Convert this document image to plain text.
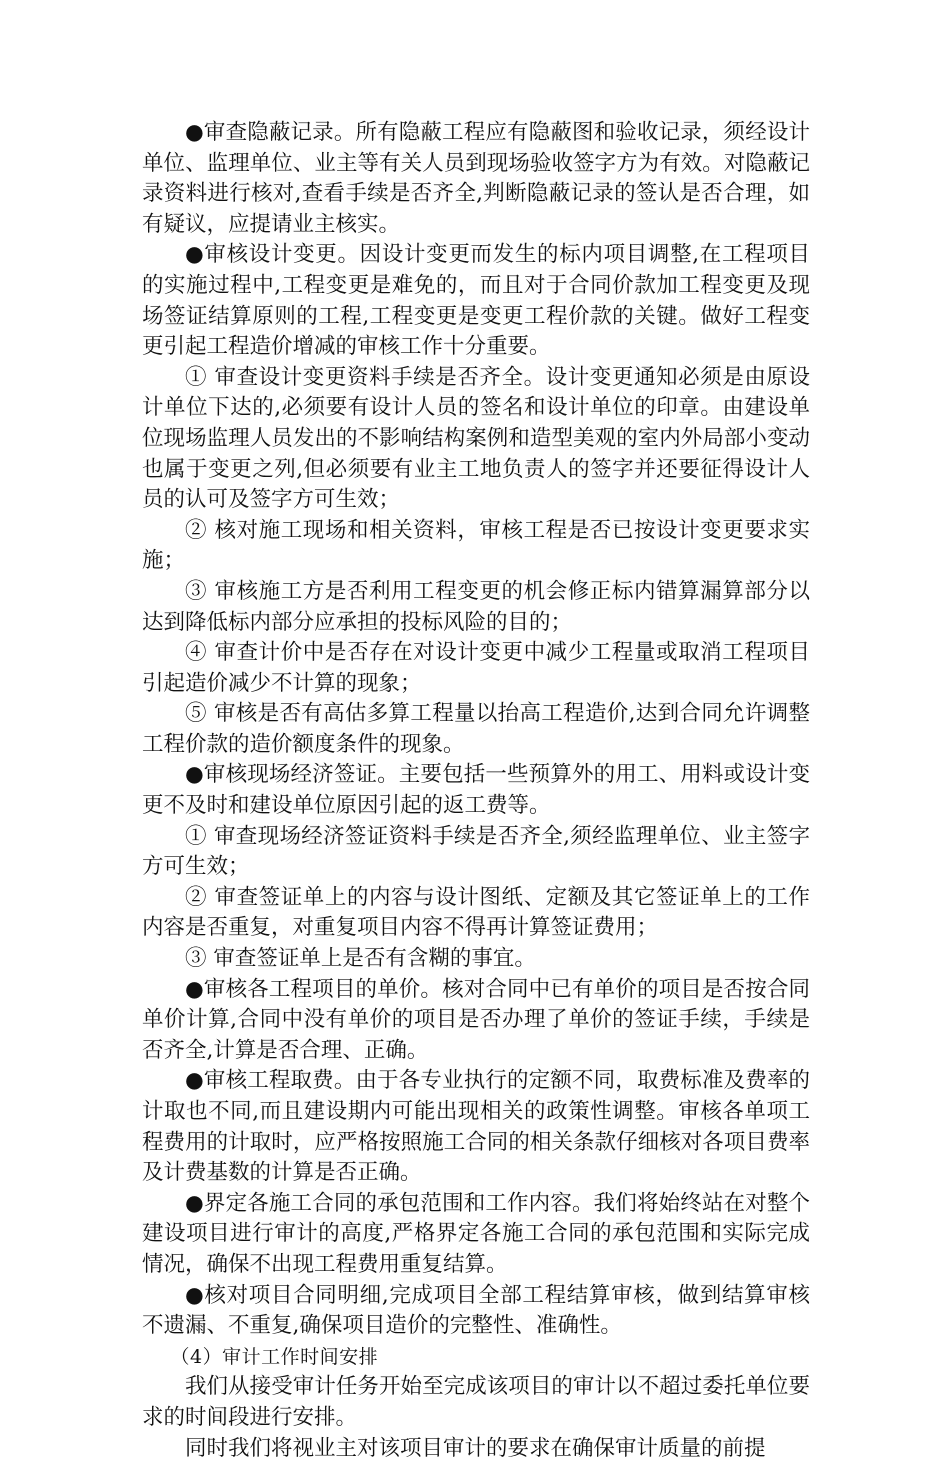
●审查隐蔽记录。所有隐蔽工程应有隐蔽图和验收记录，须经设计单位、监理单位、业主等有关人员到现场验收签字方为有效。对隐蔽记录资料进行核对,查看手续是否齐全,判断隐蔽记录的签认是否合理，如有疑议，应提请业主核实。

●审核设计变更。因设计变更而发生的标内项目调整,在工程项目的实施过程中,工程变更是难免的，而且对于合同价款加工程变更及现场签证结算原则的工程,工程变更是变更工程价款的关键。做好工程变更引起工程造价增减的审核工作十分重要。

① 审查设计变更资料手续是否齐全。设计变更通知必须是由原设计单位下达的,必须要有设计人员的签名和设计单位的印章。由建设单位现场监理人员发出的不影响结构案例和造型美观的室内外局部小变动也属于变更之列,但必须要有业主工地负责人的签字并还要征得设计人员的认可及签字方可生效；

② 核对施工现场和相关资料，审核工程是否已按设计变更要求实施；

③ 审核施工方是否利用工程变更的机会修正标内错算漏算部分以达到降低标内部分应承担的投标风险的目的；

④ 审查计价中是否存在对设计变更中减少工程量或取消工程项目引起造价减少不计算的现象；

⑤ 审核是否有高估多算工程量以抬高工程造价,达到合同允许调整工程价款的造价额度条件的现象。

●审核现场经济签证。主要包括一些预算外的用工、用料或设计变更不及时和建设单位原因引起的返工费等。

① 审查现场经济签证资料手续是否齐全,须经监理单位、业主签字方可生效；

② 审查签证单上的内容与设计图纸、定额及其它签证单上的工作内容是否重复，对重复项目内容不得再计算签证费用；

③ 审查签证单上是否有含糊的事宜。

●审核各工程项目的单价。核对合同中已有单价的项目是否按合同单价计算,合同中没有单价的项目是否办理了单价的签证手续，手续是否齐全,计算是否合理、正确。

●审核工程取费。由于各专业执行的定额不同，取费标准及费率的计取也不同,而且建设期内可能出现相关的政策性调整。审核各单项工程费用的计取时，应严格按照施工合同的相关条款仔细核对各项目费率及计费基数的计算是否正确。

●界定各施工合同的承包范围和工作内容。我们将始终站在对整个建设项目进行审计的高度,严格界定各施工合同的承包范围和实际完成情况，确保不出现工程费用重复结算。

●核对项目合同明细,完成项目全部工程结算审核，做到结算审核不遗漏、不重复,确保项目造价的完整性、准确性。

（4）审计工作时间安排

我们从接受审计任务开始至完成该项目的审计以不超过委托单位要求的时间段进行安排。

同时我们将视业主对该项目审计的要求在确保审计质量的前提
